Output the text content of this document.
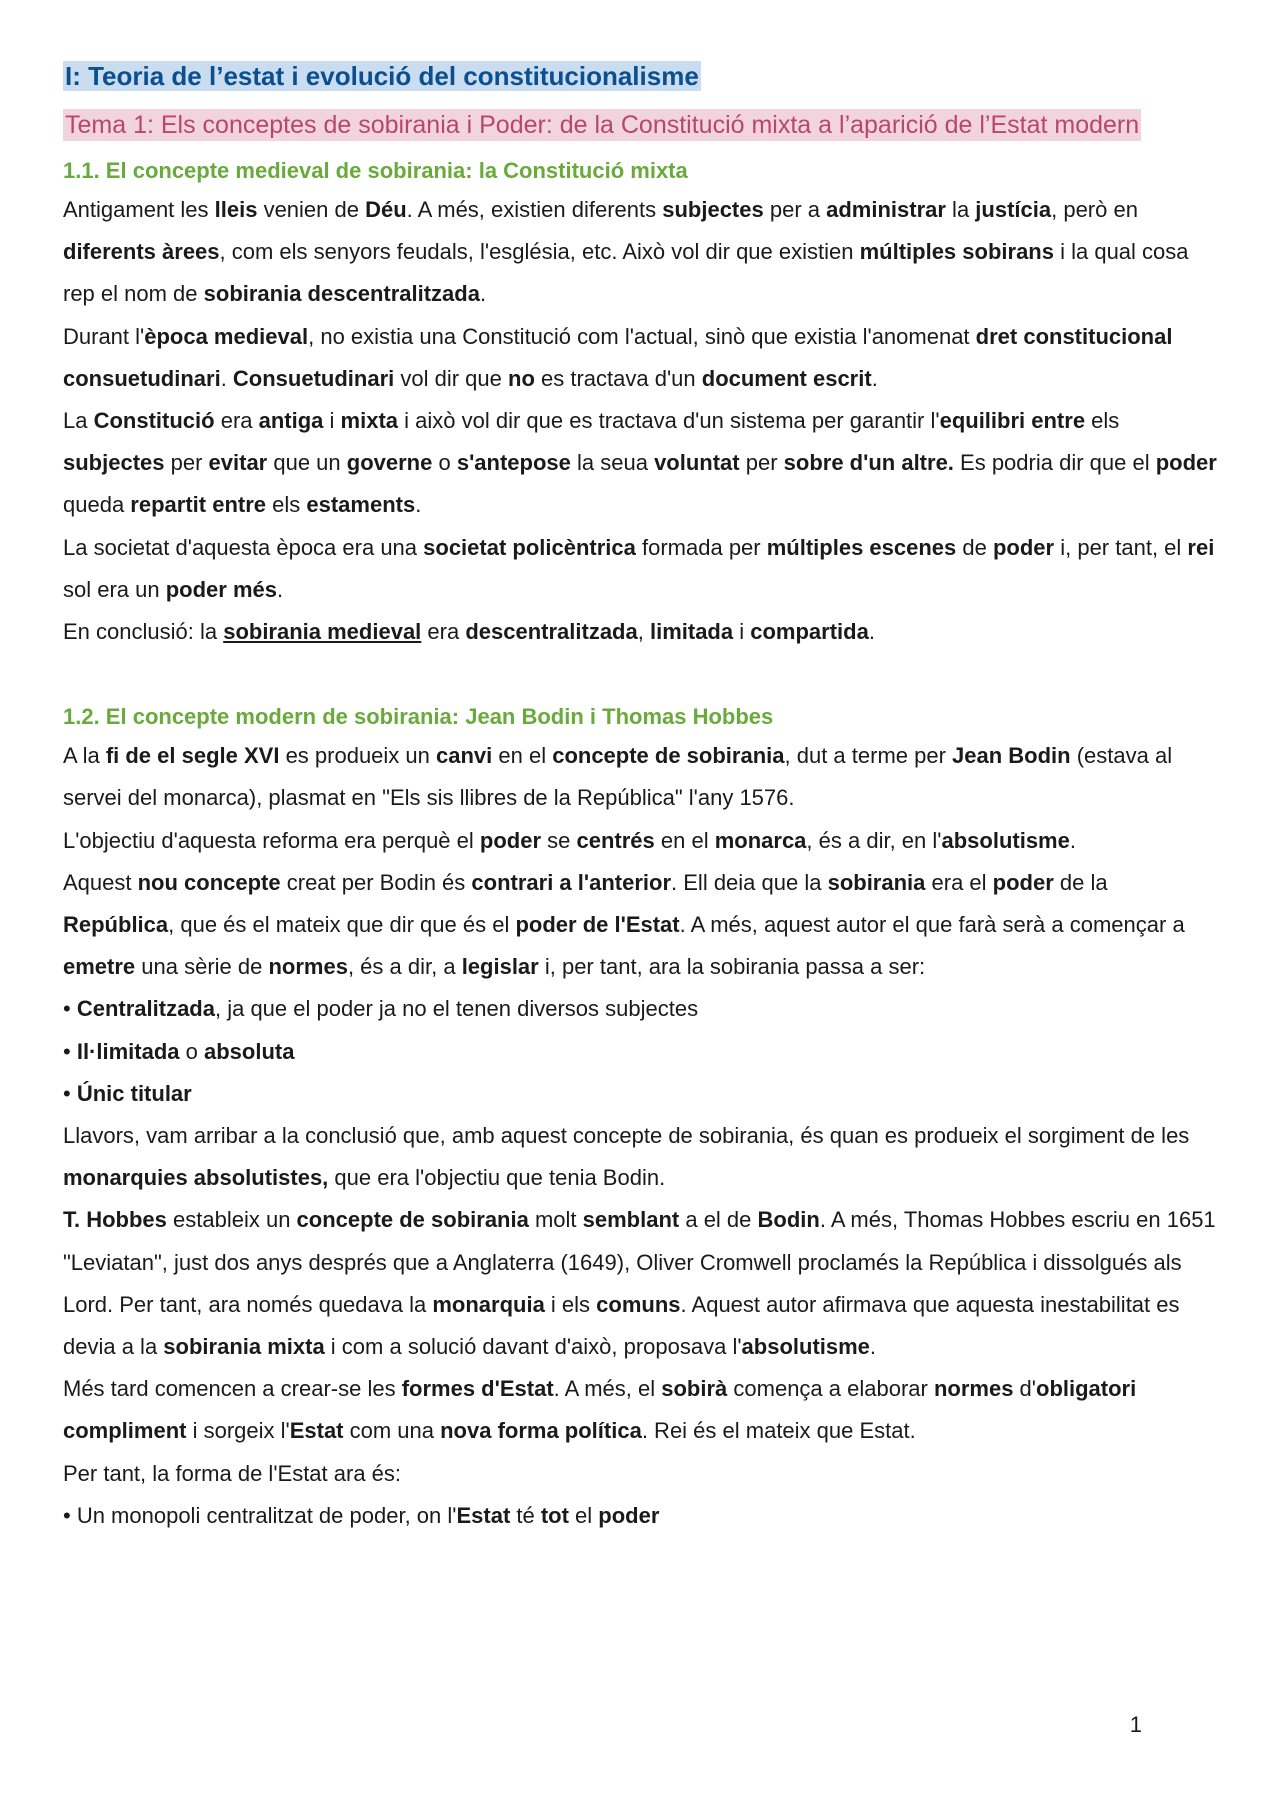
I: Teoria de l’estat i evolució del constitucionalisme
Tema 1: Els conceptes de sobirania i Poder: de la Constitució mixta a l’aparició de l’Estat modern
1.1. El concepte medieval de sobirania: la Constitució mixta

Antigament les lleis venien de Déu. A més, existien diferents subjectes per a administrar la justícia, però en diferents àrees, com els senyors feudals, l'església, etc. Això vol dir que existien múltiples sobirans i la qual cosa rep el nom de sobirania descentralitzada.

Durant l'època medieval, no existia una Constitució com l'actual, sinò que existia l'anomenat dret constitucional consuetudinari. Consuetudinari vol dir que no es tractava d'un document escrit.

La Constitució era antiga i mixta i això vol dir que es tractava d'un sistema per garantir l'equilibri entre els subjectes per evitar que un governe o s'antepose la seua voluntat per sobre d'un altre. Es podria dir que el poder queda repartit entre els estaments.

La societat d'aquesta època era una societat policèntrica formada per múltiples escenes de poder i, per tant, el rei sol era un poder més.

En conclusió: la sobirania medieval era descentralitzada, limitada i compartida.

1.2. El concepte modern de sobirania: Jean Bodin i Thomas Hobbes

A la fi de el segle XVI es produeix un canvi en el concepte de sobirania, dut a terme per Jean Bodin (estava al servei del monarca), plasmat en "Els sis llibres de la República" l'any 1576.

L'objectiu d'aquesta reforma era perquè el poder se centrés en el monarca, és a dir, en l'absolutisme.

Aquest nou concepte creat per Bodin és contrari a l'anterior. Ell deia que la sobirania era el poder de la República, que és el mateix que dir que és el poder de l'Estat. A més, aquest autor el que farà serà a començar a emetre una sèrie de normes, és a dir, a legislar i, per tant, ara la sobirania passa a ser:

• Centralitzada, ja que el poder ja no el tenen diversos subjectes

• Il·limitada o absoluta

• Únic titular

Llavors, vam arribar a la conclusió que, amb aquest concepte de sobirania, és quan es produeix el sorgiment de les monarquies absolutistes, que era l'objectiu que tenia Bodin.

T. Hobbes estableix un concepte de sobirania molt semblant a el de Bodin. A més, Thomas Hobbes escriu en 1651 "Leviatan", just dos anys després que a Anglaterra (1649), Oliver Cromwell proclamés la República i dissolgués als Lord. Per tant, ara només quedava la monarquia i els comuns. Aquest autor afirmava que aquesta inestabilitat es devia a la sobirania mixta i com a solució davant d'això, proposava l'absolutisme.

Més tard comencen a crear-se les formes d'Estat. A més, el sobirà comença a elaborar normes d'obligatori compliment i sorgeix l'Estat com una nova forma política. Rei és el mateix que Estat.

Per tant, la forma de l'Estat ara és:

• Un monopoli centralitzat de poder, on l'Estat té tot el poder

1
